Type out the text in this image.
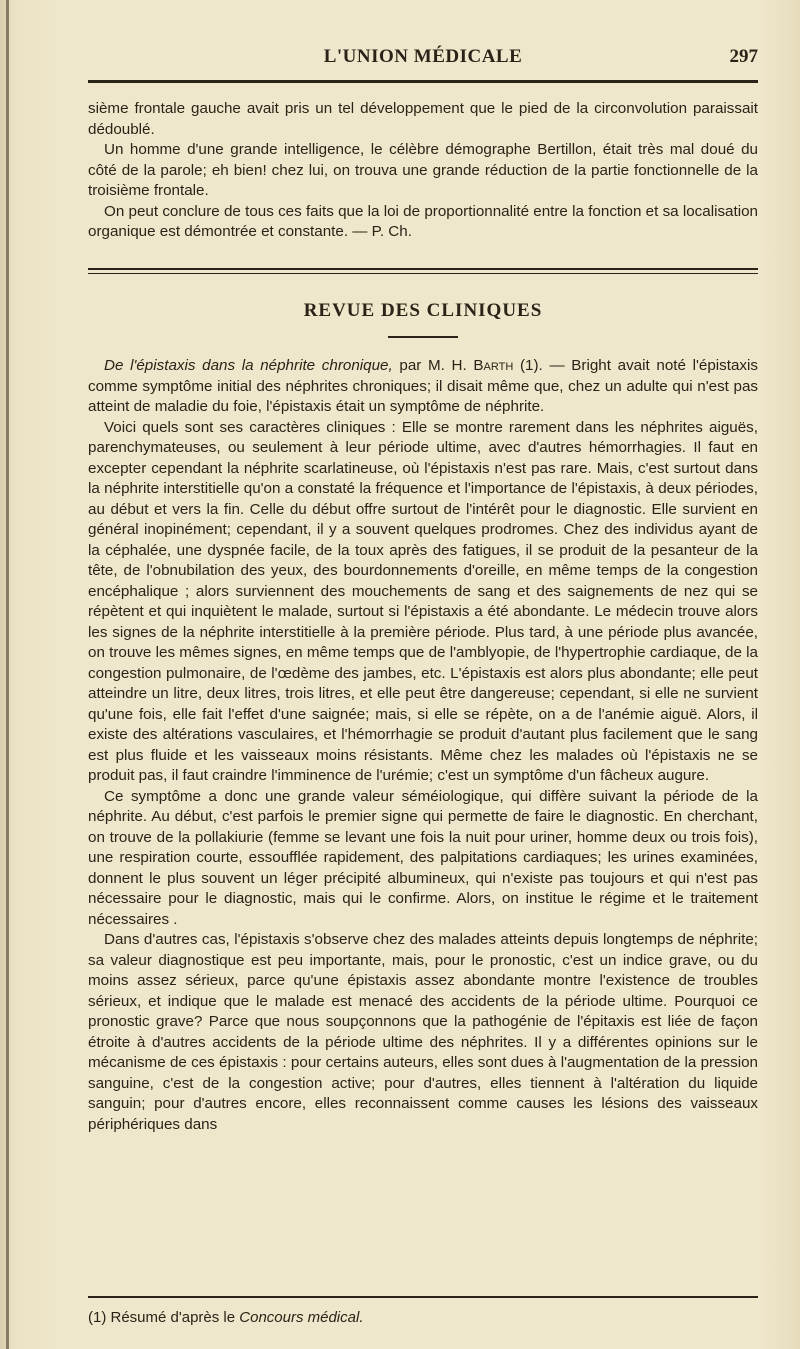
L'UNION MÉDICALE	297

sième frontale gauche avait pris un tel développement que le pied de la circonvolution paraissait dédoublé.

Un homme d'une grande intelligence, le célèbre démographe Bertillon, était très mal doué du côté de la parole; eh bien! chez lui, on trouva une grande réduction de la partie fonctionnelle de la troisième frontale.

On peut conclure de tous ces faits que la loi de proportionnalité entre la fonction et sa localisation organique est démontrée et constante. — P. Ch.

REVUE DES CLINIQUES

De l'épistaxis dans la néphrite chronique, par M. H. Barth (1). — Bright avait noté l'épistaxis comme symptôme initial des néphrites chroniques; il disait même que, chez un adulte qui n'est pas atteint de maladie du foie, l'épistaxis était un symptôme de néphrite.

Voici quels sont ses caractères cliniques : Elle se montre rarement dans les néphrites aiguës, parenchymateuses, ou seulement à leur période ultime, avec d'autres hémorrhagies. Il faut en excepter cependant la néphrite scarlatineuse, où l'épistaxis n'est pas rare. Mais, c'est surtout dans la néphrite interstitielle qu'on a constaté la fréquence et l'importance de l'épistaxis, à deux périodes, au début et vers la fin. Celle du début offre surtout de l'intérêt pour le diagnostic. Elle survient en général inopinément; cependant, il y a souvent quelques prodromes. Chez des individus ayant de la céphalée, une dyspnée facile, de la toux après des fatigues, il se produit de la pesanteur de la tête, de l'obnubilation des yeux, des bourdonnements d'oreille, en même temps de la congestion encéphalique ; alors surviennent des mouchements de sang et des saignements de nez qui se répètent et qui inquiètent le malade, surtout si l'épistaxis a été abondante. Le médecin trouve alors les signes de la néphrite interstitielle à la première période. Plus tard, à une période plus avancée, on trouve les mêmes signes, en même temps que de l'amblyopie, de l'hypertrophie cardiaque, de la congestion pulmonaire, de l'œdème des jambes, etc. L'épistaxis est alors plus abondante; elle peut atteindre un litre, deux litres, trois litres, et elle peut être dangereuse; cependant, si elle ne survient qu'une fois, elle fait l'effet d'une saignée; mais, si elle se répète, on a de l'anémie aiguë. Alors, il existe des altérations vasculaires, et l'hémorrhagie se produit d'autant plus facilement que le sang est plus fluide et les vaisseaux moins résistants. Même chez les malades où l'épistaxis ne se produit pas, il faut craindre l'imminence de l'urémie; c'est un symptôme d'un fâcheux augure.

Ce symptôme a donc une grande valeur séméiologique, qui diffère suivant la période de la néphrite. Au début, c'est parfois le premier signe qui permette de faire le diagnostic. En cherchant, on trouve de la pollakiurie (femme se levant une fois la nuit pour uriner, homme deux ou trois fois), une respiration courte, essoufflée rapidement, des palpitations cardiaques; les urines examinées, donnent le plus souvent un léger précipité albumineux, qui n'existe pas toujours et qui n'est pas nécessaire pour le diagnostic, mais qui le confirme. Alors, on institue le régime et le traitement nécessaires .

Dans d'autres cas, l'épistaxis s'observe chez des malades atteints depuis longtemps de néphrite; sa valeur diagnostique est peu importante, mais, pour le pronostic, c'est un indice grave, ou du moins assez sérieux, parce qu'une épistaxis assez abondante montre l'existence de troubles sérieux, et indique que le malade est menacé des accidents de la période ultime. Pourquoi ce pronostic grave? Parce que nous soupçonnons que la pathogénie de l'épitaxis est liée de façon étroite à d'autres accidents de la période ultime des néphrites. Il y a différentes opinions sur le mécanisme de ces épistaxis : pour certains auteurs, elles sont dues à l'augmentation de la pression sanguine, c'est de la congestion active; pour d'autres, elles tiennent à l'altération du liquide sanguin; pour d'autres encore, elles reconnaissent comme causes les lésions des vaisseaux périphériques dans

(1) Résumé d'après le Concours médical.
